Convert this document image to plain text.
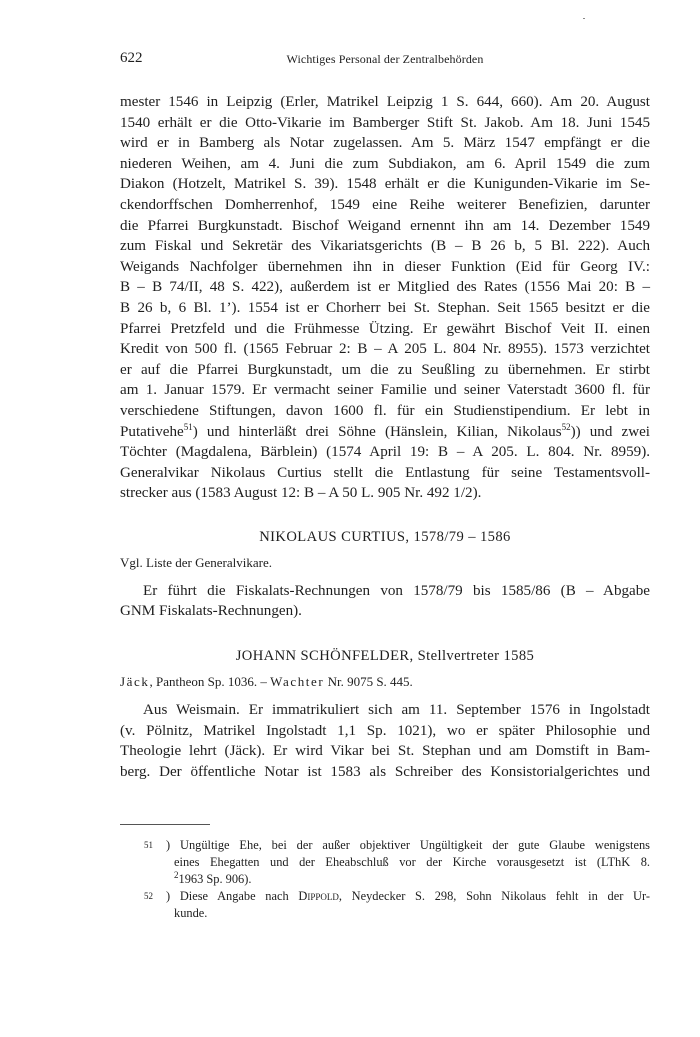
622	Wichtiges Personal der Zentralbehörden
mester 1546 in Leipzig (Erler, Matrikel Leipzig 1 S. 644, 660). Am 20. August
1540 erhält er die Otto-Vikarie im Bamberger Stift St. Jakob. Am 18. Juni 1545
wird er in Bamberg als Notar zugelassen. Am 5. März 1547 empfängt er die
niederen Weihen, am 4. Juni die zum Subdiakon, am 6. April 1549 die zum
Diakon (Hotzelt, Matrikel S. 39). 1548 erhält er die Kunigunden-Vikarie im Se-
ckendorffschen Domherrenhof, 1549 eine Reihe weiterer Benefizien, darunter
die Pfarrei Burgkunstadt. Bischof Weigand ernennt ihn am 14. Dezember 1549
zum Fiskal und Sekretär des Vikariatsgerichts (B – B 26 b, 5 Bl. 222). Auch
Weigands Nachfolger übernehmen ihn in dieser Funktion (Eid für Georg IV.:
B – B 74/II, 48 S. 422), außerdem ist er Mitglied des Rates (1556 Mai 20: B –
B 26 b, 6 Bl. 1’). 1554 ist er Chorherr bei St. Stephan. Seit 1565 besitzt er die
Pfarrei Pretzfeld und die Frühmesse Ützing. Er gewährt Bischof Veit II. einen
Kredit von 500 fl. (1565 Februar 2: B – A 205 L. 804 Nr. 8955). 1573 verzichtet
er auf die Pfarrei Burgkunstadt, um die zu Seußling zu übernehmen. Er stirbt
am 1. Januar 1579. Er vermacht seiner Familie und seiner Vaterstadt 3600 fl. für
verschiedene Stiftungen, davon 1600 fl. für ein Studienstipendium. Er lebt in
Putativehe$^{51}$) und hinterläßt drei Söhne (Hänslein, Kilian, Nikolaus$^{52}$)) und zwei
Töchter (Magdalena, Bärblein) (1574 April 19: B – A 205. L. 804. Nr. 8959).
Generalvikar Nikolaus Curtius stellt die Entlastung für seine Testamentsvoll-
strecker aus (1583 August 12: B – A 50 L. 905 Nr. 492 1/2).
NIKOLAUS CURTIUS, 1578/79 – 1586
Vgl. Liste der Generalvikare.
Er führt die Fiskalats-Rechnungen von 1578/79 bis 1585/86 (B – Abgabe
GNM Fiskalats-Rechnungen).
JOHANN SCHÖNFELDER, Stellvertreter 1585
Jäck, Pantheon Sp. 1036. – Wachter Nr. 9075 S. 445.
Aus Weismain. Er immatrikuliert sich am 11. September 1576 in Ingolstadt
(v. Pölnitz, Matrikel Ingolstadt 1,1 Sp. 1021), wo er später Philosophie und
Theologie lehrt (Jäck). Er wird Vikar bei St. Stephan und am Domstift in Bam-
berg. Der öffentliche Notar ist 1583 als Schreiber des Konsistorialgerichtes und
51 ) Ungültige Ehe, bei der außer objektiver Ungültigkeit der gute Glaube wenigstens
eines Ehegatten und der Eheabschluß vor der Kirche vorausgesetzt ist (LThK 8.
$^2$1963 Sp. 906).
52 ) Diese Angabe nach Dippold, Neydecker S. 298, Sohn Nikolaus fehlt in der Ur-
kunde.
